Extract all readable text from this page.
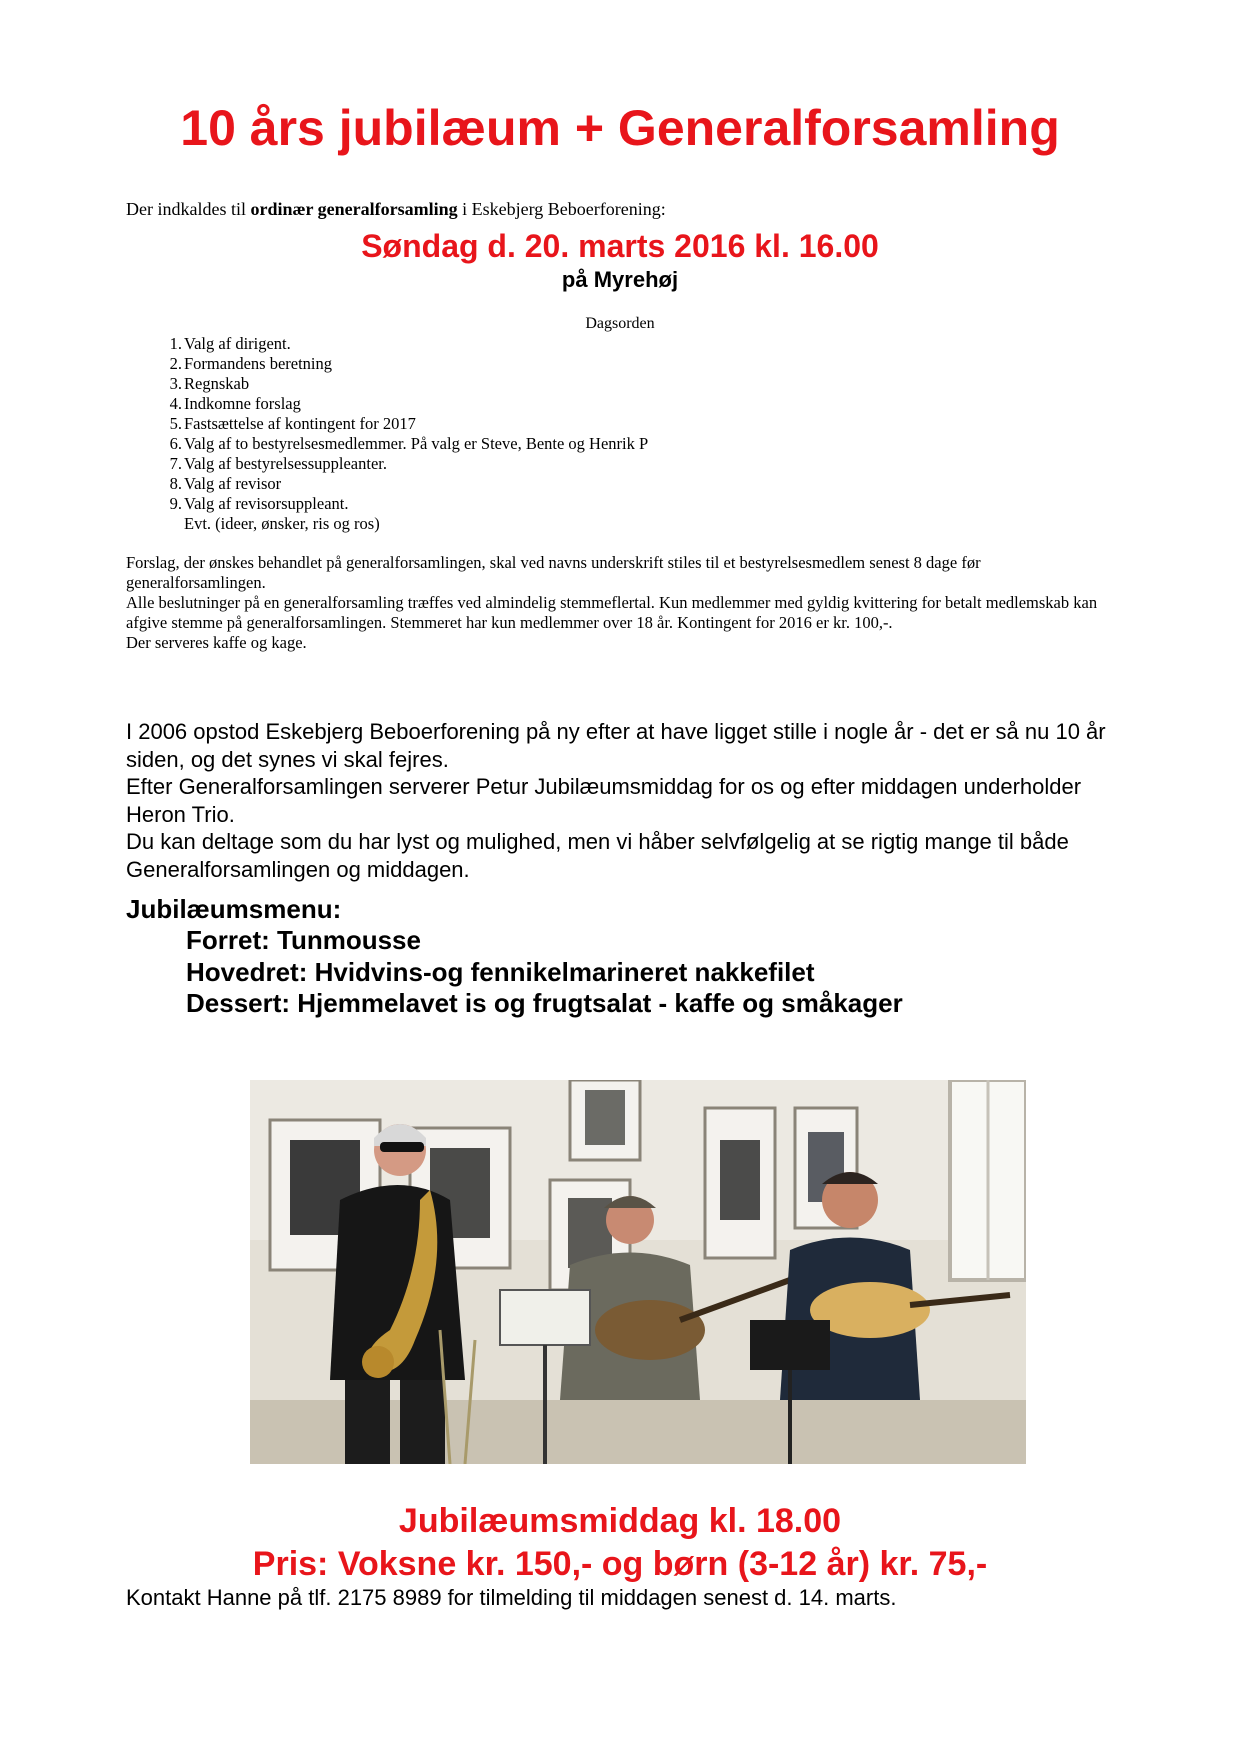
10 års jubilæum + Generalforsamling
Der indkaldes til ordinær generalforsamling i Eskebjerg Beboerforening:
Søndag d. 20. marts 2016 kl. 16.00
på Myrehøj
Dagsorden
1. Valg af dirigent.
2. Formandens beretning
3. Regnskab
4. Indkomne forslag
5. Fastsættelse af kontingent for 2017
6. Valg af to bestyrelsesmedlemmer. På valg er Steve, Bente og Henrik P
7. Valg af bestyrelsessuppleanter.
8. Valg af revisor
9. Valg af revisorsuppleant.
Evt. (ideer, ønsker, ris og ros)

Forslag, der ønskes behandlet på generalforsamlingen, skal ved navns underskrift stiles til et bestyrelsesmedlem senest 8 dage før generalforsamlingen.

Alle beslutninger på en generalforsamling træffes ved almindelig stemmeflertal. Kun medlemmer med gyldig kvittering for betalt medlemskab kan afgive stemme på generalforsamlingen. Stemmeret har kun medlemmer over 18 år. Kontingent for 2016 er kr. 100,-.

Der serveres kaffe og kage.

I 2006 opstod Eskebjerg Beboerforening på ny efter at have ligget stille i nogle år - det er så nu 10 år siden, og det synes vi skal fejres.

Efter Generalforsamlingen serverer Petur Jubilæumsmiddag for os og efter middagen underholder Heron Trio.

Du kan deltage som du har lyst og mulighed, men vi håber selvfølgelig at se rigtig mange til både Generalforsamlingen og middagen.

Jubilæumsmenu:
Forret: Tunmousse
Hovedret: Hvidvins-og fennikelmarineret nakkefilet
Dessert: Hjemmelavet is og frugtsalat - kaffe og småkager
Jubilæumsmiddag kl. 18.00
Pris: Voksne kr. 150,- og børn (3-12 år) kr. 75,-
Kontakt Hanne på tlf. 2175 8989 for tilmelding til middagen senest d. 14. marts.
